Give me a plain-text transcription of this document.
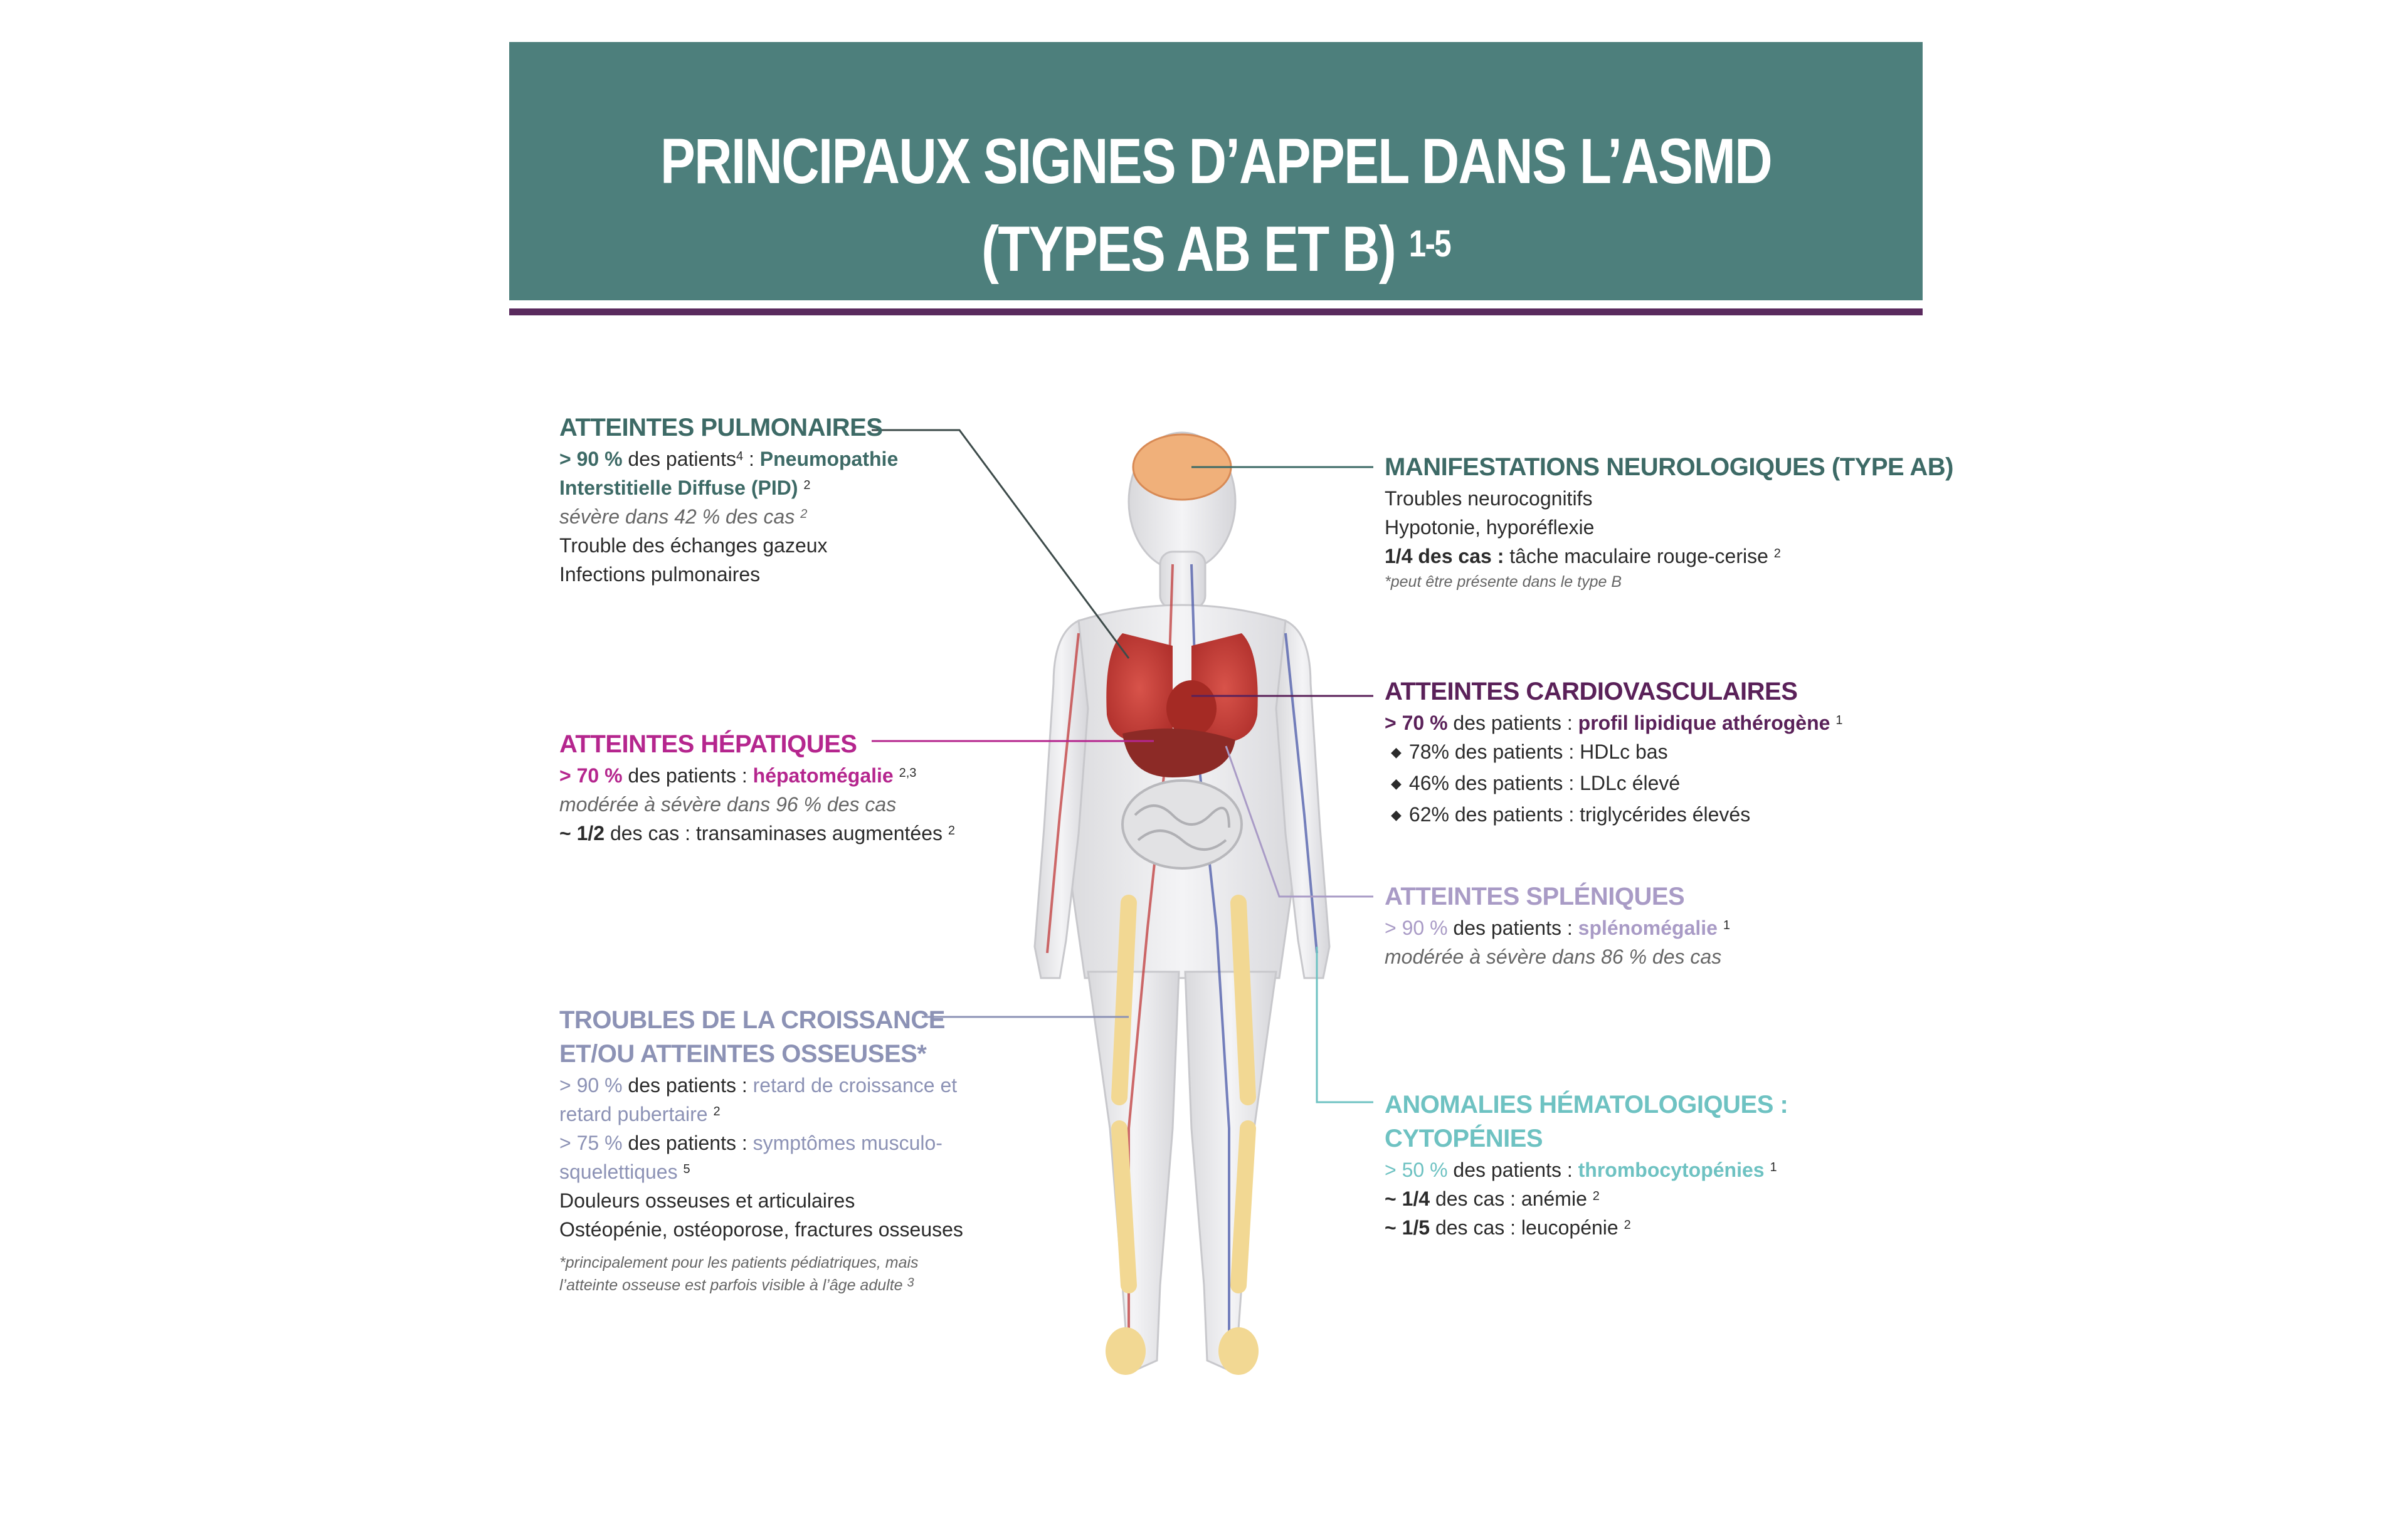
PRINCIPAUX SIGNES D’APPEL DANS L’ASMD
(TYPES AB ET B) $^{1-5}$
ATTEINTES PULMONAIRES
> 90 % des patients$^4$ : Pneumopathie
Interstitielle Diffuse (PID) $^2$
sévère dans 42 % des cas $^2$
Trouble des échanges gazeux
Infections pulmonaires
ATTEINTES HÉPATIQUES
> 70 % des patients : hépatomégalie $^{2,3}$
modérée à sévère dans 96 % des cas
~ 1/2 des cas : transaminases augmentées $^2$
TROUBLES DE LA CROISSANCE
ET/OU ATTEINTES OSSEUSES*
> 90 % des patients : retard de croissance et
retard pubertaire $^2$
> 75 % des patients : symptômes musculo-
squelettiques $^5$
Douleurs osseuses et articulaires
Ostéopénie, ostéoporose, fractures osseuses
*principalement pour les patients pédiatriques, mais
l’atteinte osseuse est parfois visible à l’âge adulte $^3$
MANIFESTATIONS NEUROLOGIQUES (TYPE AB)
Troubles neurocognitifs
Hypotonie, hyporéflexie
1/4 des cas : tâche maculaire rouge-cerise $^2$
*peut être présente dans le type B
ATTEINTES CARDIOVASCULAIRES
> 70 % des patients : profil lipidique athérogène $^1$
◆ 78% des patients : HDLc bas
◆ 46% des patients : LDLc élevé
◆ 62% des patients : triglycérides élevés
ATTEINTES SPLÉNIQUES
> 90 % des patients : splénomégalie $^1$
modérée à sévère dans 86 % des cas
ANOMALIES HÉMATOLOGIQUES :
CYTOPÉNIES
> 50 % des patients : thrombocytopénies $^1$
~ 1/4 des cas : anémie $^2$
~ 1/5 des cas : leucopénie $^2$
